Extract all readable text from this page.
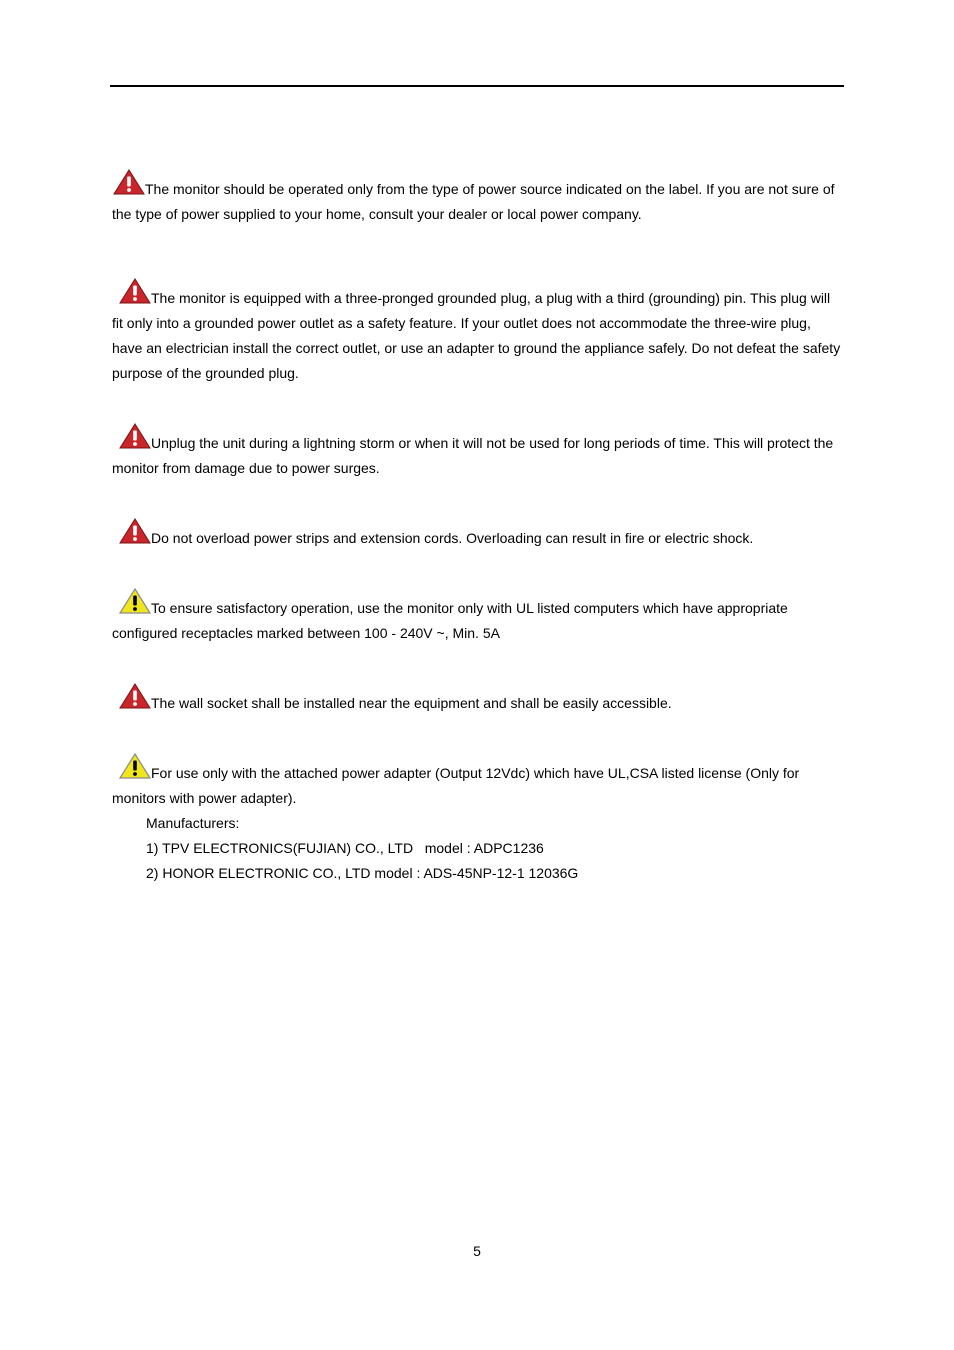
The monitor should be operated only from the type of power source indicated on the label. If you are not sure of the type of power supplied to your home, consult your dealer or local power company.

The monitor is equipped with a three-pronged grounded plug, a plug with a third (grounding) pin. This plug will fit only into a grounded power outlet as a safety feature. If your outlet does not accommodate the three-wire plug, have an electrician install the correct outlet, or use an adapter to ground the appliance safely. Do not defeat the safety purpose of the grounded plug.

Unplug the unit during a lightning storm or when it will not be used for long periods of time. This will protect the monitor from damage due to power surges.

Do not overload power strips and extension cords. Overloading can result in fire or electric shock.

To ensure satisfactory operation, use the monitor only with UL listed computers which have appropriate configured receptacles marked between 100 - 240V ~, Min. 5A

The wall socket shall be installed near the equipment and shall be easily accessible.

For use only with the attached power adapter (Output 12Vdc) which have UL,CSA listed license (Only for monitors with power adapter).

Manufacturers:
1) TPV ELECTRONICS(FUJIAN) CO., LTD   model : ADPC1236
2) HONOR ELECTRONIC CO., LTD model : ADS-45NP-12-1 12036G
5
